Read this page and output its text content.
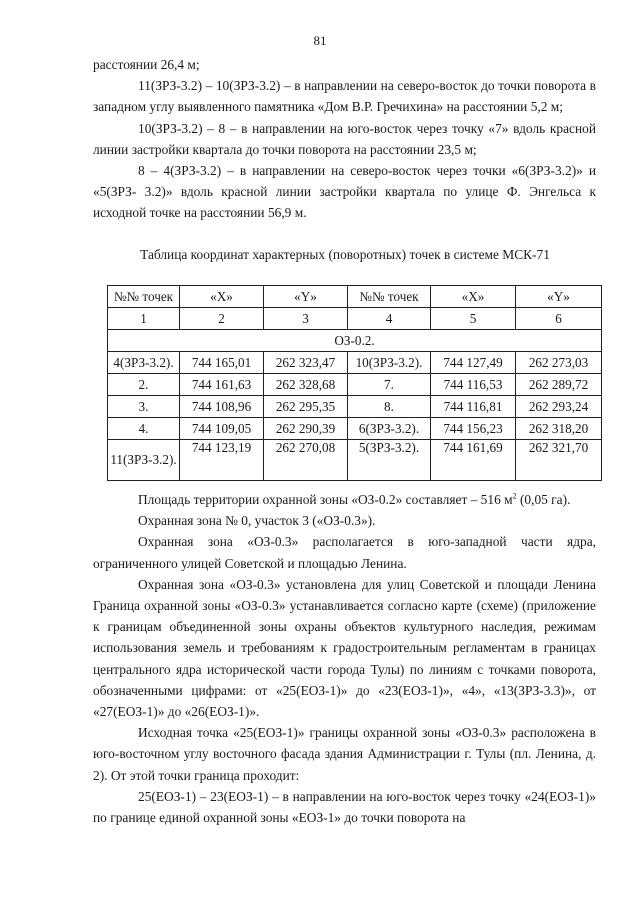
81

расстоянии 26,4 м;

11(ЗРЗ-3.2) – 10(ЗРЗ-3.2) – в направлении на северо-восток до точки поворота в западном углу выявленного памятника «Дом В.Р. Гречихина» на расстоянии 5,2 м;

10(ЗРЗ-3.2) – 8 – в направлении на юго-восток через точку «7» вдоль красной линии застройки квартала до точки поворота на расстоянии 23,5 м;

8 – 4(ЗРЗ-3.2) – в направлении на северо-восток через точки «6(ЗРЗ-3.2)» и «5(ЗРЗ- 3.2)» вдоль красной линии застройки квартала по улице Ф. Энгельса к исходной точке на расстоянии 56,9 м.

Таблица координат характерных (поворотных) точек в системе МСК-71
№№ точек	«X»	«Y»	№№ точек	«X»	«Y»
1	2	3	4	5	6
ОЗ-0.2.					
4(ЗРЗ-3.2).	744 165,01	262 323,47	10(ЗРЗ-3.2).	744 127,49	262 273,03
2.	744 161,63	262 328,68	7.	744 116,53	262 289,72
3.	744 108,96	262 295,35	8.	744 116,81	262 293,24
4.	744 109,05	262 290,39	6(ЗРЗ-3.2).	744 156,23	262 318,20
11(ЗРЗ-3.2).	744 123,19	262 270,08	5(ЗРЗ-3.2).	744 161,69	262 321,70

Площадь территории охранной зоны «ОЗ-0.2» составляет – 516 $м^2$ (0,05 га).

Охранная зона № 0, участок 3 («ОЗ-0.3»).

Охранная зона «ОЗ-0.3» располагается в юго-западной части ядра, ограниченного улицей Советской и площадью Ленина.

Охранная зона «ОЗ-0.3» установлена для улиц Советской и площади Ленина Граница охранной зоны «ОЗ-0.3» устанавливается согласно карте (схеме) (приложение к границам объединенной зоны охраны объектов культурного наследия, режимам использования земель и требованиям к градостроительным регламентам в границах центрального ядра исторической части города Тулы) по линиям с точками поворота, обозначенными цифрами: от «25(ЕОЗ-1)» до «23(ЕОЗ-1)», «4», «13(ЗРЗ-3.3)», от «27(ЕОЗ-1)» до «26(ЕОЗ-1)».

Исходная точка «25(ЕОЗ-1)» границы охранной зоны «ОЗ-0.3» расположена в юго-восточном углу восточного фасада здания Администрации г. Тулы (пл. Ленина, д. 2). От этой точки граница проходит:

25(ЕОЗ-1) – 23(ЕОЗ-1) – в направлении на юго-восток через точку «24(ЕОЗ-1)» по границе единой охранной зоны «ЕОЗ-1» до точки поворота на
